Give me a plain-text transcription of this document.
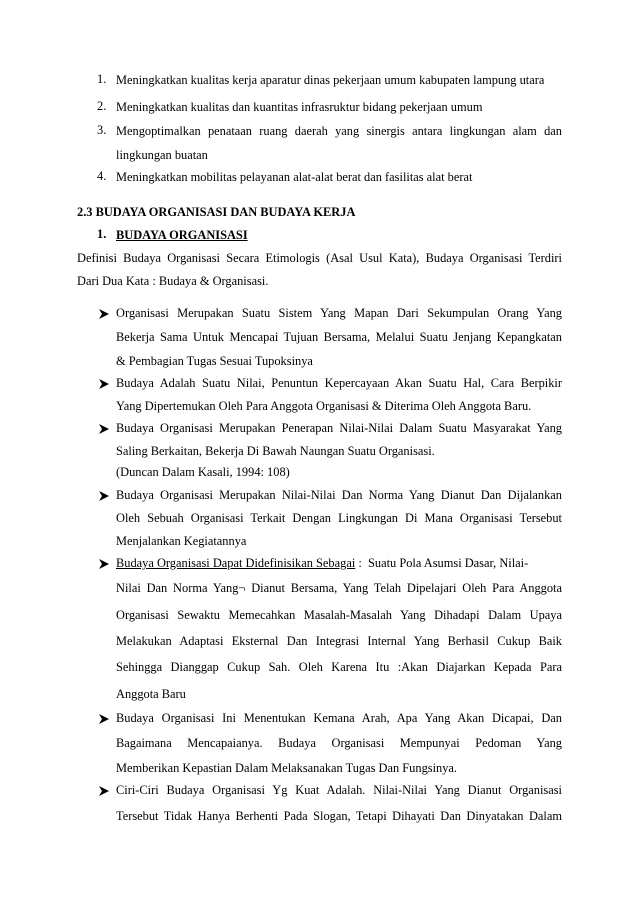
1. Meningkatkan kualitas kerja aparatur dinas pekerjaan umum kabupaten lampung utara
2. Meningkatkan kualitas dan kuantitas infrasruktur bidang pekerjaan umum
3. Mengoptimalkan penataan ruang daerah yang sinergis antara lingkungan alam dan
lingkungan buatan
4. Meningkatkan mobilitas pelayanan alat-alat berat dan fasilitas alat berat
2.3 BUDAYA ORGANISASI DAN BUDAYA KERJA
1. BUDAYA ORGANISASI
Definisi Budaya Organisasi Secara Etimologis (Asal Usul Kata), Budaya Organisasi Terdiri
Dari Dua Kata : Budaya & Organisasi.
Organisasi Merupakan Suatu Sistem Yang Mapan Dari Sekumpulan Orang Yang
Bekerja Sama Untuk Mencapai Tujuan Bersama, Melalui Suatu Jenjang Kepangkatan
& Pembagian Tugas Sesuai Tupoksinya
Budaya Adalah Suatu Nilai, Penuntun Kepercayaan Akan Suatu Hal, Cara Berpikir
Yang Dipertemukan Oleh Para Anggota Organisasi & Diterima Oleh Anggota Baru.
Budaya Organisasi Merupakan Penerapan Nilai-Nilai Dalam Suatu Masyarakat Yang
Saling Berkaitan, Bekerja Di Bawah Naungan Suatu Organisasi.
(Duncan Dalam Kasali, 1994: 108)
Budaya Organisasi Merupakan Nilai-Nilai Dan Norma Yang Dianut Dan Dijalankan
Oleh Sebuah Organisasi Terkait Dengan Lingkungan Di Mana Organisasi Tersebut
Menjalankan Kegiatannya
Budaya Organisasi Dapat Didefinisikan Sebagai :  Suatu Pola Asumsi Dasar, Nilai-
Nilai Dan Norma Yang¬ Dianut Bersama, Yang Telah Dipelajari Oleh Para Anggota
Organisasi Sewaktu Memecahkan Masalah-Masalah Yang Dihadapi Dalam Upaya
Melakukan Adaptasi Eksternal Dan Integrasi Internal Yang Berhasil Cukup Baik
Sehingga Dianggap Cukup Sah. Oleh Karena Itu :Akan Diajarkan Kepada Para
Anggota Baru
Budaya Organisasi Ini Menentukan Kemana Arah, Apa Yang Akan Dicapai, Dan
Bagaimana Mencapaianya. Budaya Organisasi Mempunyai Pedoman Yang
Memberikan Kepastian Dalam Melaksanakan Tugas Dan Fungsinya.
Ciri-Ciri Budaya Organisasi Yg Kuat Adalah. Nilai-Nilai Yang Dianut Organisasi
Tersebut Tidak Hanya Berhenti Pada Slogan, Tetapi Dihayati Dan Dinyatakan Dalam
